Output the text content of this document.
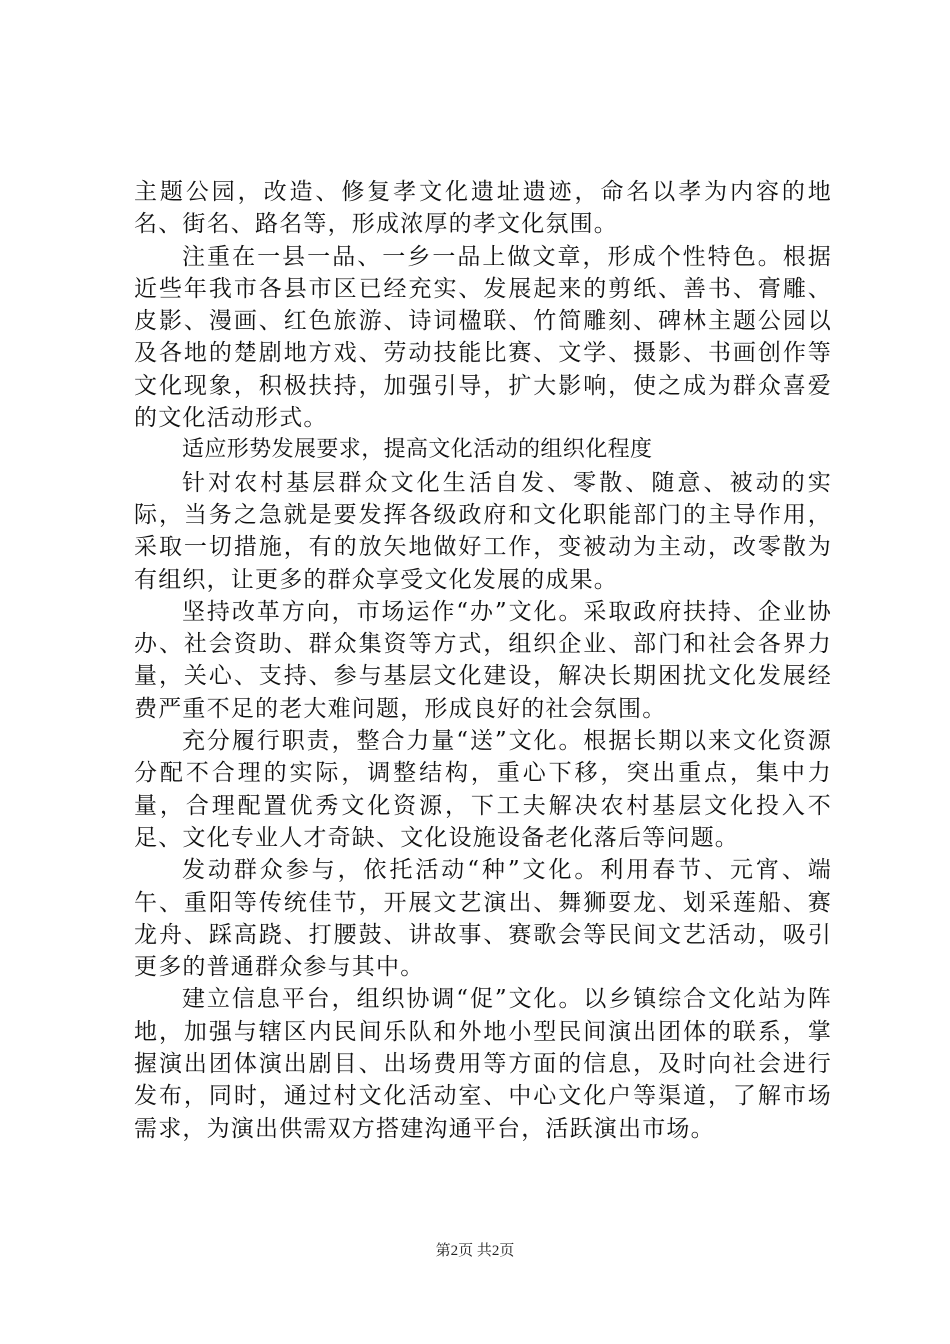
主题公园，改造、修复孝文化遗址遗迹，命名以孝为内容的地名、街名、路名等，形成浓厚的孝文化氛围。

注重在一县一品、一乡一品上做文章，形成个性特色。根据近些年我市各县市区已经充实、发展起来的剪纸、善书、膏雕、皮影、漫画、红色旅游、诗词楹联、竹简雕刻、碑林主题公园以及各地的楚剧地方戏、劳动技能比赛、文学、摄影、书画创作等文化现象，积极扶持，加强引导，扩大影响，使之成为群众喜爱的文化活动形式。

适应形势发展要求，提高文化活动的组织化程度

针对农村基层群众文化生活自发、零散、随意、被动的实际，当务之急就是要发挥各级政府和文化职能部门的主导作用，采取一切措施，有的放矢地做好工作，变被动为主动，改零散为有组织，让更多的群众享受文化发展的成果。

坚持改革方向，市场运作“办”文化。采取政府扶持、企业协办、社会资助、群众集资等方式，组织企业、部门和社会各界力量，关心、支持、参与基层文化建设，解决长期困扰文化发展经费严重不足的老大难问题，形成良好的社会氛围。

充分履行职责，整合力量“送”文化。根据长期以来文化资源分配不合理的实际，调整结构，重心下移，突出重点，集中力量，合理配置优秀文化资源，下工夫解决农村基层文化投入不足、文化专业人才奇缺、文化设施设备老化落后等问题。

发动群众参与，依托活动“种”文化。利用春节、元宵、端午、重阳等传统佳节，开展文艺演出、舞狮耍龙、划采莲船、赛龙舟、踩高跷、打腰鼓、讲故事、赛歌会等民间文艺活动，吸引更多的普通群众参与其中。

建立信息平台，组织协调“促”文化。以乡镇综合文化站为阵地，加强与辖区内民间乐队和外地小型民间演出团体的联系，掌握演出团体演出剧目、出场费用等方面的信息，及时向社会进行发布，同时，通过村文化活动室、中心文化户等渠道，了解市场需求，为演出供需双方搭建沟通平台，活跃演出市场。

第2页 共2页
